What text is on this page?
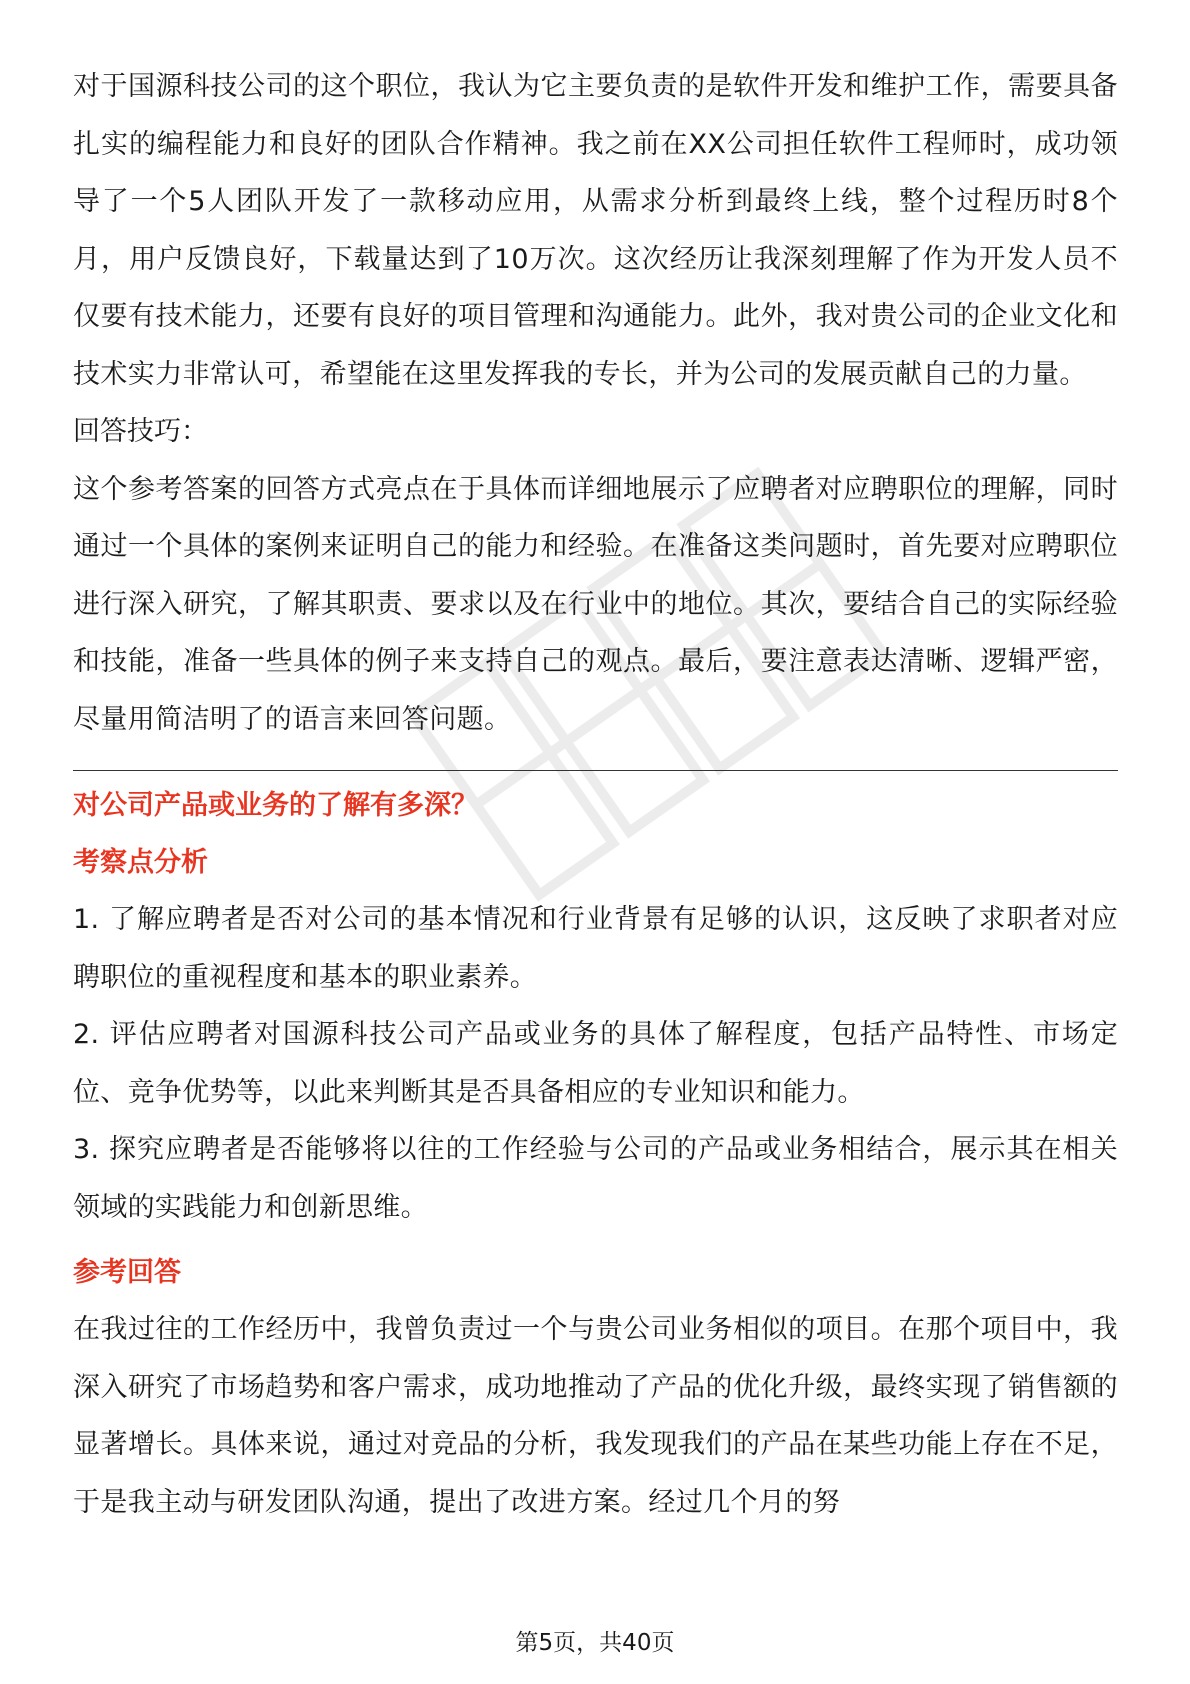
对于国源科技公司的这个职位，我认为它主要负责的是软件开发和维护工作，需要具备扎实的编程能力和良好的团队合作精神。我之前在XX公司担任软件工程师时，成功领导了一个5人团队开发了一款移动应用，从需求分析到最终上线，整个过程历时8个月，用户反馈良好，下载量达到了10万次。这次经历让我深刻理解了作为开发人员不仅要有技术能力，还要有良好的项目管理和沟通能力。此外，我对贵公司的企业文化和技术实力非常认可，希望能在这里发挥我的专长，并为公司的发展贡献自己的力量。

回答技巧：

这个参考答案的回答方式亮点在于具体而详细地展示了应聘者对应聘职位的理解，同时通过一个具体的案例来证明自己的能力和经验。在准备这类问题时，首先要对应聘职位进行深入研究，了解其职责、要求以及在行业中的地位。其次，要结合自己的实际经验和技能，准备一些具体的例子来支持自己的观点。最后，要注意表达清晰、逻辑严密，尽量用简洁明了的语言来回答问题。

对公司产品或业务的了解有多深？

考察点分析

1. 了解应聘者是否对公司的基本情况和行业背景有足够的认识，这反映了求职者对应聘职位的重视程度和基本的职业素养。

2. 评估应聘者对国源科技公司产品或业务的具体了解程度，包括产品特性、市场定位、竞争优势等，以此来判断其是否具备相应的专业知识和能力。

3. 探究应聘者是否能够将以往的工作经验与公司的产品或业务相结合，展示其在相关领域的实践能力和创新思维。

参考回答

在我过往的工作经历中，我曾负责过一个与贵公司业务相似的项目。在那个项目中，我深入研究了市场趋势和客户需求，成功地推动了产品的优化升级，最终实现了销售额的显著增长。具体来说，通过对竞品的分析，我发现我们的产品在某些功能上存在不足，于是我主动与研发团队沟通，提出了改进方案。经过几个月的努

第5页，共40页
